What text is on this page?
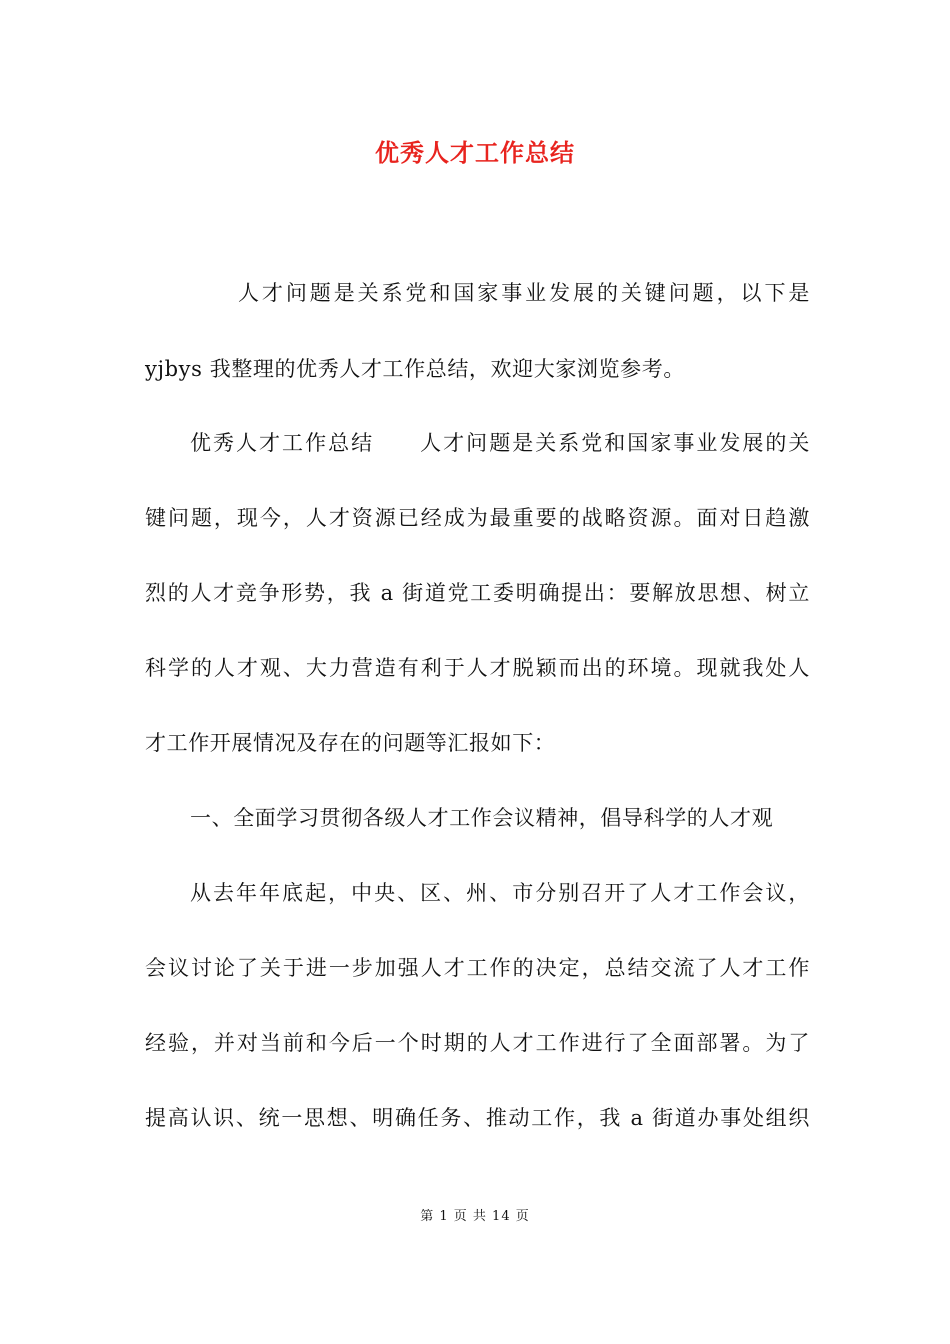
优秀人才工作总结
人才问题是关系党和国家事业发展的关键问题，以下是
yjbys 我整理的优秀人才工作总结，欢迎大家浏览参考。
优秀人才工作总结　　人才问题是关系党和国家事业发展的关
键问题，现今，人才资源已经成为最重要的战略资源。面对日趋激
烈的人才竞争形势，我 a 街道党工委明确提出：要解放思想、树立
科学的人才观、大力营造有利于人才脱颖而出的环境。现就我处人
才工作开展情况及存在的问题等汇报如下：
一、全面学习贯彻各级人才工作会议精神，倡导科学的人才观
从去年年底起，中央、区、州、市分别召开了人才工作会议，
会议讨论了关于进一步加强人才工作的决定，总结交流了人才工作
经验，并对当前和今后一个时期的人才工作进行了全面部署。为了
提高认识、统一思想、明确任务、推动工作，我 a 街道办事处组织
第 1 页 共 14 页
